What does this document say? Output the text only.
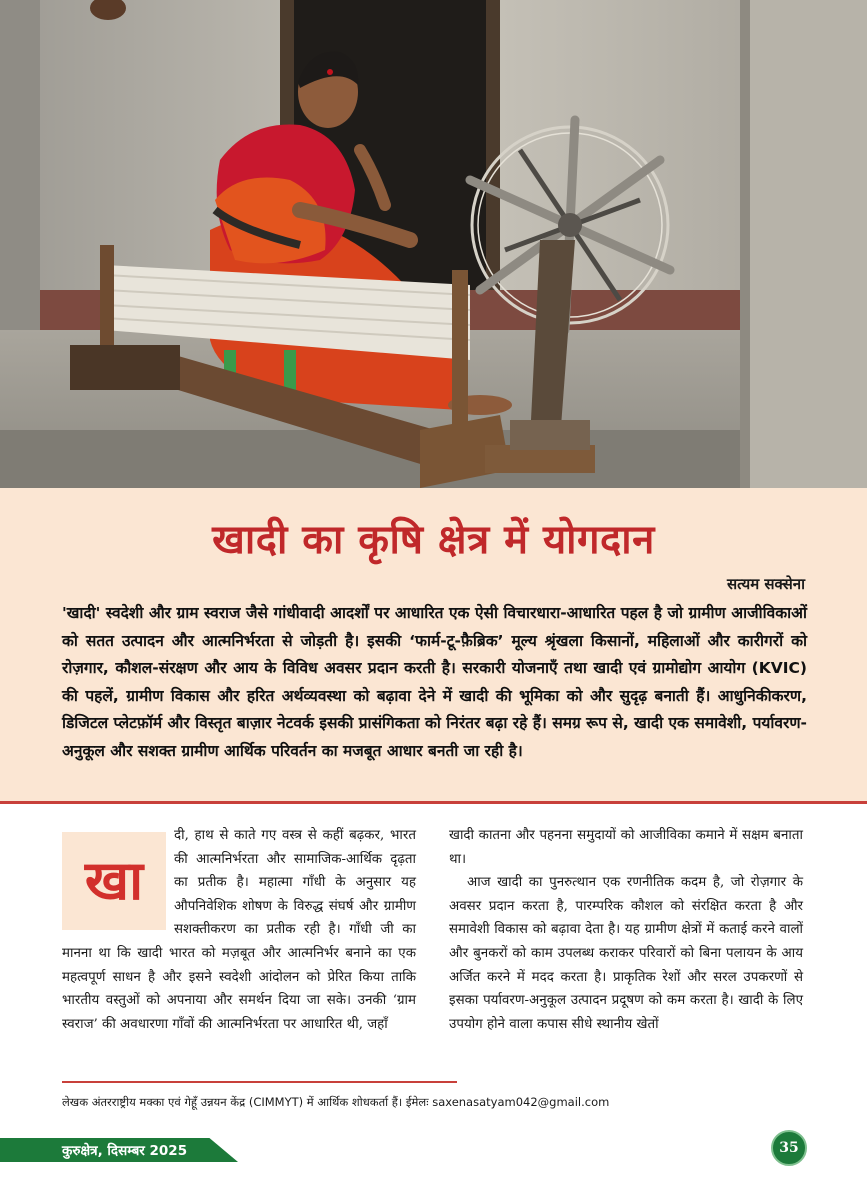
खादी का कृषि क्षेत्र में योगदान
सत्यम सक्सेना
'खादी' स्वदेशी और ग्राम स्वराज जैसे गांधीवादी आदर्शों पर आधारित एक ऐसी विचारधारा-आधारित पहल है जो ग्रामीण आजीविकाओं को सतत उत्पादन और आत्मनिर्भरता से जोड़ती है। इसकी ‘फार्म-टू-फ़ैब्रिक’ मूल्य श्रृंखला किसानों, महिलाओं और कारीगरों को रोज़गार, कौशल-संरक्षण और आय के विविध अवसर प्रदान करती है। सरकारी योजनाएँ तथा खादी एवं ग्रामोद्योग आयोग (KVIC) की पहलें, ग्रामीण विकास और हरित अर्थव्यवस्था को बढ़ावा देने में खादी की भूमिका को और सुदृढ़ बनाती हैं। आधुनिकीकरण, डिजिटल प्लेटफ़ॉर्म और विस्तृत बाज़ार नेटवर्क इसकी प्रासंगिकता को निरंतर बढ़ा रहे हैं। समग्र रूप से, खादी एक समावेशी, पर्यावरण-अनुकूल और सशक्त ग्रामीण आर्थिक परिवर्तन का मजबूत आधार बनती जा रही है।
खा

दी, हाथ से काते गए वस्त्र से कहीं बढ़कर, भारत की आत्मनिर्भरता और सामाजिक-आर्थिक दृढ़ता का प्रतीक है। महात्मा गाँधी के अनुसार यह औपनिवेशिक शोषण के विरुद्ध संघर्ष और ग्रामीण सशक्तीकरण का प्रतीक रही है। गाँधी जी का मानना था कि खादी भारत को मज़बूत और आत्मनिर्भर बनाने का एक महत्वपूर्ण साधन है और इसने स्वदेशी आंदोलन को प्रेरित किया ताकि भारतीय वस्तुओं को अपनाया और समर्थन दिया जा सके। उनकी ‘ग्राम स्वराज’ की अवधारणा गाँवों की आत्मनिर्भरता पर आधारित थी, जहाँ

खादी कातना और पहनना समुदायों को आजीविका कमाने में सक्षम बनाता था।

आज खादी का पुनरुत्थान एक रणनीतिक कदम है, जो रोज़गार के अवसर प्रदान करता है, पारम्परिक कौशल को संरक्षित करता है और समावेशी विकास को बढ़ावा देता है। यह ग्रामीण क्षेत्रों में कताई करने वालों और बुनकरों को काम उपलब्ध कराकर परिवारों को बिना पलायन के आय अर्जित करने में मदद करता है। प्राकृतिक रेशों और सरल उपकरणों से इसका पर्यावरण-अनुकूल उत्पादन प्रदूषण को कम करता है। खादी के लिए उपयोग होने वाला कपास सीधे स्थानीय खेतों

लेखक अंतरराष्ट्रीय मक्का एवं गेहूँ उन्नयन केंद्र (CIMMYT) में आर्थिक शोधकर्ता हैं। ईमेलः saxenasatyam042@gmail.com
कुरुक्षेत्र, दिसम्बर 2025	35
